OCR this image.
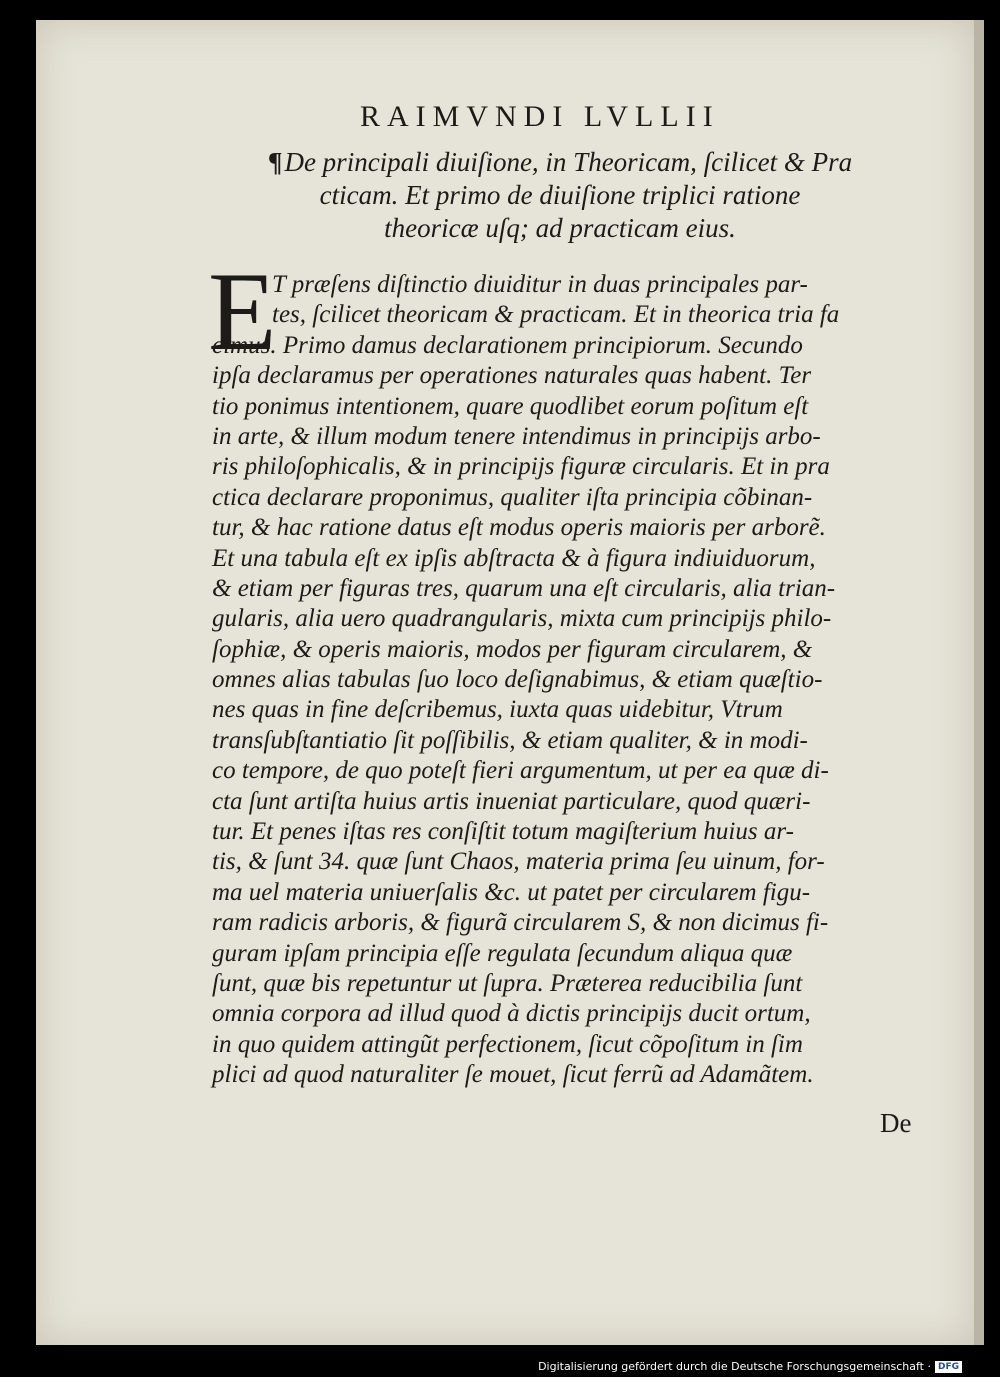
RAIMVNDI LVLLII
¶De principali diuiſione, in Theoricam, ſcilicet & Pra
cticam. Et primo de diuiſione triplici ratione
theoricæ uſq; ad practicam eius.
E
T præſens diſtinctio diuiditur in duas principales par-
tes, ſcilicet theoricam & practicam. Et in theorica tria fa
cimus. Primo damus declarationem principiorum. Secundo
ipſa declaramus per operationes naturales quas habent. Ter
tio ponimus intentionem, quare quodlibet eorum poſitum eſt
in arte, & illum modum tenere intendimus in principijs arbo-
ris philoſophicalis, & in principijs figuræ circularis. Et in pra
ctica declarare proponimus, qualiter iſta principia cõbinan-
tur, & hac ratione datus eſt modus operis maioris per arborẽ.
Et una tabula eſt ex ipſis abſtracta & à figura indiuiduorum,
& etiam per figuras tres, quarum una eſt circularis, alia trian-
gularis, alia uero quadrangularis, mixta cum principijs philo-
ſophiæ, & operis maioris, modos per figuram circularem, &
omnes alias tabulas ſuo loco deſignabimus, & etiam quæſtio-
nes quas in fine deſcribemus, iuxta quas uidebitur, Vtrum
transſubſtantiatio ſit poſſibilis, & etiam qualiter, & in modi-
co tempore, de quo poteſt fieri argumentum, ut per ea quæ di-
cta ſunt artiſta huius artis inueniat particulare, quod quæri-
tur. Et penes iſtas res conſiſtit totum magiſterium huius ar-
tis, & ſunt 34. quæ ſunt Chaos, materia prima ſeu uinum, for-
ma uel materia uniuerſalis &c. ut patet per circularem figu-
ram radicis arboris, & figurã circularem S, & non dicimus fi-
guram ipſam principia eſſe regulata ſecundum aliqua quæ
ſunt, quæ bis repetuntur ut ſupra. Præterea reducibilia ſunt
omnia corpora ad illud quod à dictis principijs ducit ortum,
in quo quidem attingũt perfectionem, ſicut cõpoſitum in ſim
plici ad quod naturaliter ſe mouet, ſicut ferrũ ad Adamãtem.
De
Digitalisierung gefördert durch die Deutsche Forschungsgemeinschaft · DFG
